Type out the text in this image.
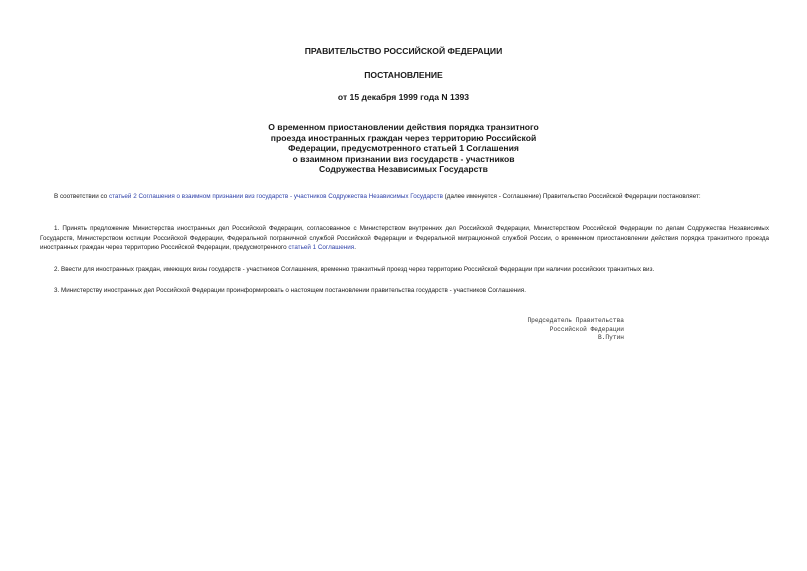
ПРАВИТЕЛЬСТВО РОССИЙСКОЙ ФЕДЕРАЦИИ

ПОСТАНОВЛЕНИЕ

от 15 декабря 1999 года N 1393

О временном приостановлении действия порядка транзитного
проезда иностранных граждан через территорию Российской
Федерации, предусмотренного статьей 1 Соглашения
о взаимном признании виз государств - участников
Содружества Независимых Государств

В соответствии со статьей 2 Соглашения о взаимном признании виз государств - участников Содружества Независимых Государств (далее именуется - Соглашение) Правительство Российской Федерации постановляет:

1. Принять предложение Министерства иностранных дел Российской Федерации, согласованное с Министерством внутренних дел Российской Федерации, Министерством Российской Федерации по делам Содружества Независимых Государств, Министерством юстиции Российской Федерации, Федеральной пограничной службой Российской Федерации и Федеральной миграционной службой России, о временном приостановлении действия порядка транзитного проезда иностранных граждан через территорию Российской Федерации, предусмотренного статьей 1 Соглашения.

2. Ввести для иностранных граждан, имеющих визы государств - участников Соглашения, временно транзитный проезд через территорию Российской Федерации при наличии российских транзитных виз.

3. Министерству иностранных дел Российской Федерации проинформировать о настоящем постановлении правительства государств - участников Соглашения.

Председатель Правительства
Российской Федерации
В.Путин
